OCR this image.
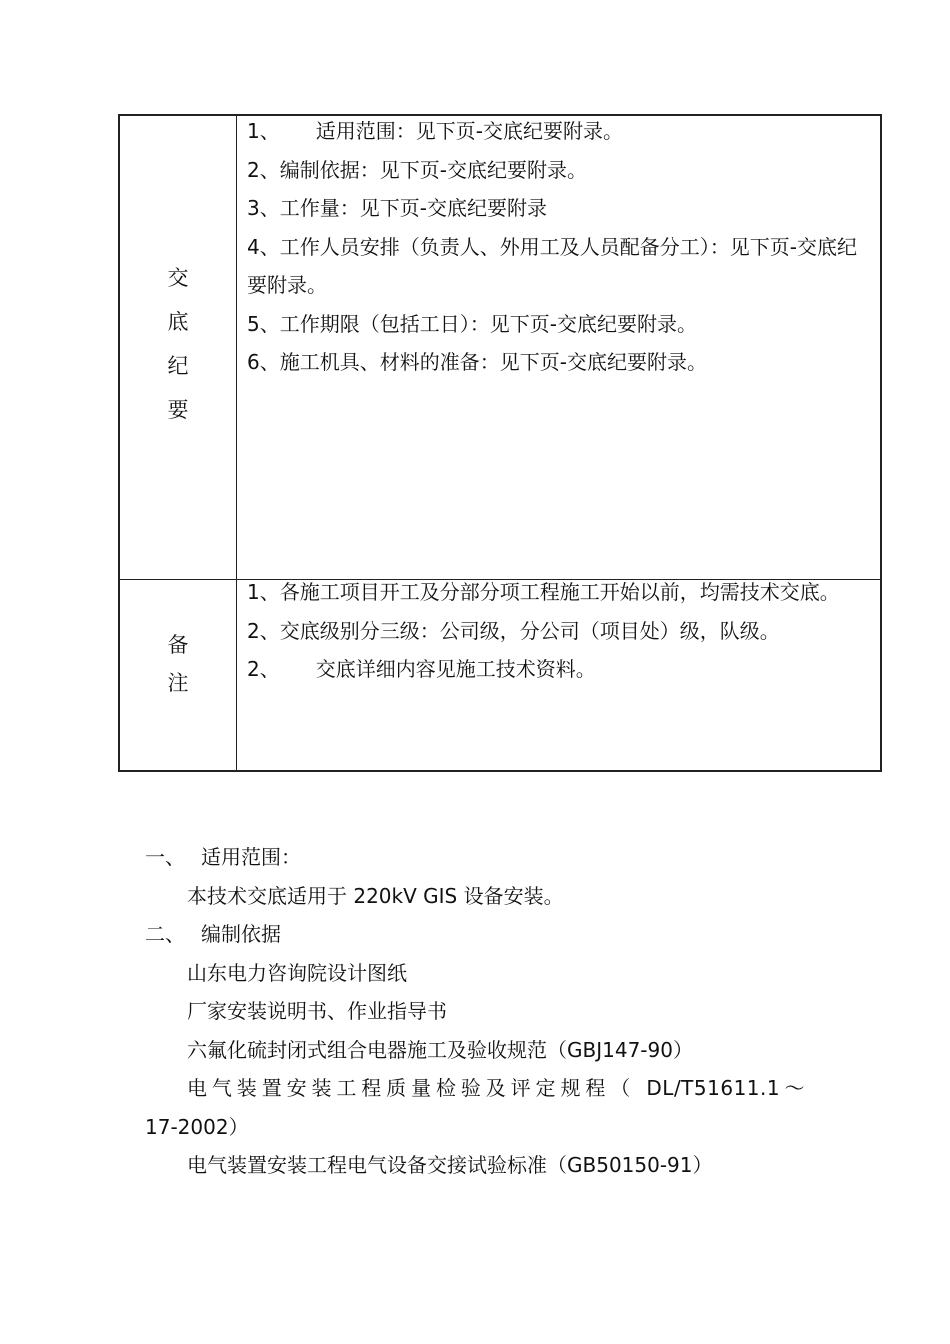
交
底
纪
要
1、 适用范围：见下页-交底纪要附录。
2、编制依据：见下页-交底纪要附录。
3、工作量：见下页-交底纪要附录
4、工作人员安排（负责人、外用工及人员配备分工）：见下页-交底纪要附录。
5、工作期限（包括工日）：见下页-交底纪要附录。
6、施工机具、材料的准备：见下页-交底纪要附录。
备
注
1、各施工项目开工及分部分项工程施工开始以前，均需技术交底。
2、交底级别分三级：公司级，分公司（项目处）级，队级。
2、 交底详细内容见施工技术资料。
一、 适用范围：
本技术交底适用于 220kV GIS 设备安装。
二、 编制依据
山东电力咨询院设计图纸
厂家安装说明书、作业指导书
六氟化硫封闭式组合电器施工及验收规范（GBJ147-90）
电气装置安装工程质量检验及评定规程（ DL/T51611.1～
17-2002）
电气装置安装工程电气设备交接试验标准（GB50150-91）
